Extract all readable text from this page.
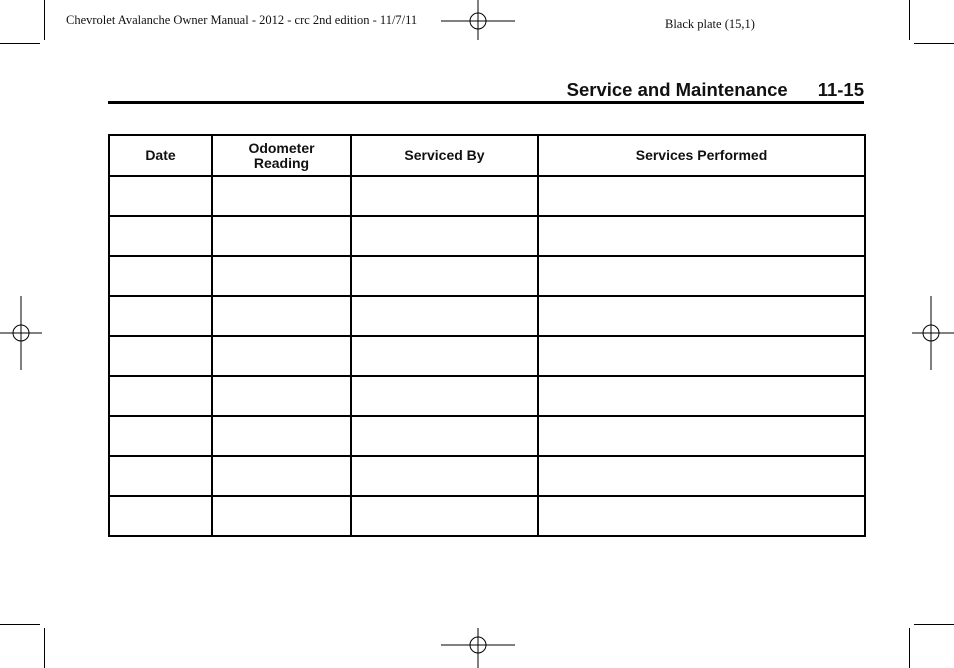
Chevrolet Avalanche Owner Manual - 2012 - crc 2nd edition - 11/7/11	Black plate (15,1)
Service and Maintenance 11-15
Date	Odometer Reading	Serviced By	Services Performed
